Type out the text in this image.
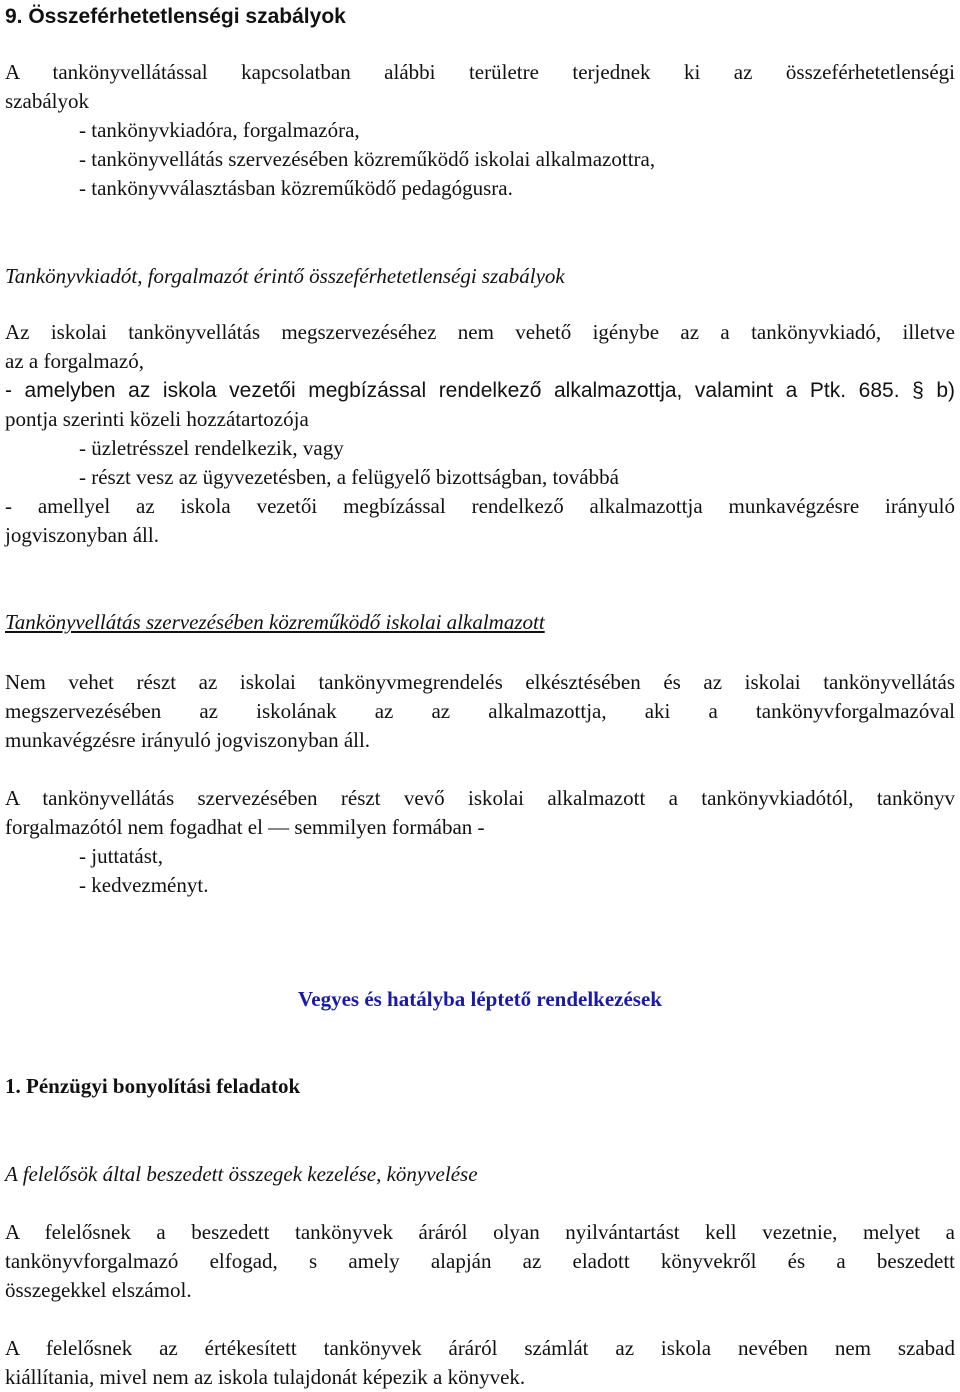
9. Összeférhetetlenségi szabályok
A tankönyvellátással kapcsolatban alábbi területre terjednek ki az összeférhetetlenségi
szabályok
- tankönyvkiadóra, forgalmazóra,
- tankönyvellátás szervezésében közreműködő iskolai alkalmazottra,
- tankönyvválasztásban közreműködő pedagógusra.
Tankönyvkiadót, forgalmazót érintő összeférhetetlenségi szabályok
Az iskolai tankönyvellátás megszervezéséhez nem vehető igénybe az a tankönyvkiadó, illetve
az a forgalmazó,
- amelyben az iskola vezetői megbízással rendelkező alkalmazottja, valamint a Ptk. 685. § b)
pontja szerinti közeli hozzátartozója
- üzletrésszel rendelkezik, vagy
- részt vesz az ügyvezetésben, a felügyelő bizottságban, továbbá
- amellyel az iskola vezetői megbízással rendelkező alkalmazottja munkavégzésre irányuló
jogviszonyban áll.
Tankönyvellátás szervezésében közreműködő iskolai alkalmazott
Nem vehet részt az iskolai tankönyvmegrendelés elkésztésében és az iskolai tankönyvellátás
megszervezésében az iskolának az az alkalmazottja, aki a tankönyvforgalmazóval
munkavégzésre irányuló jogviszonyban áll.
A tankönyvellátás szervezésében részt vevő iskolai alkalmazott a tankönyvkiadótól, tankönyv
forgalmazótól nem fogadhat el — semmilyen formában -
- juttatást,
- kedvezményt.
Vegyes és hatályba léptető rendelkezések
1. Pénzügyi bonyolítási feladatok
A felelősök által beszedett összegek kezelése, könyvelése
A felelősnek a beszedett tankönyvek áráról olyan nyilvántartást kell vezetnie, melyet a
tankönyvforgalmazó elfogad, s amely alapján az eladott könyvekről és a beszedett
összegekkel elszámol.
A felelősnek az értékesített tankönyvek áráról számlát az iskola nevében nem szabad
kiállítania, mivel nem az iskola tulajdonát képezik a könyvek.
